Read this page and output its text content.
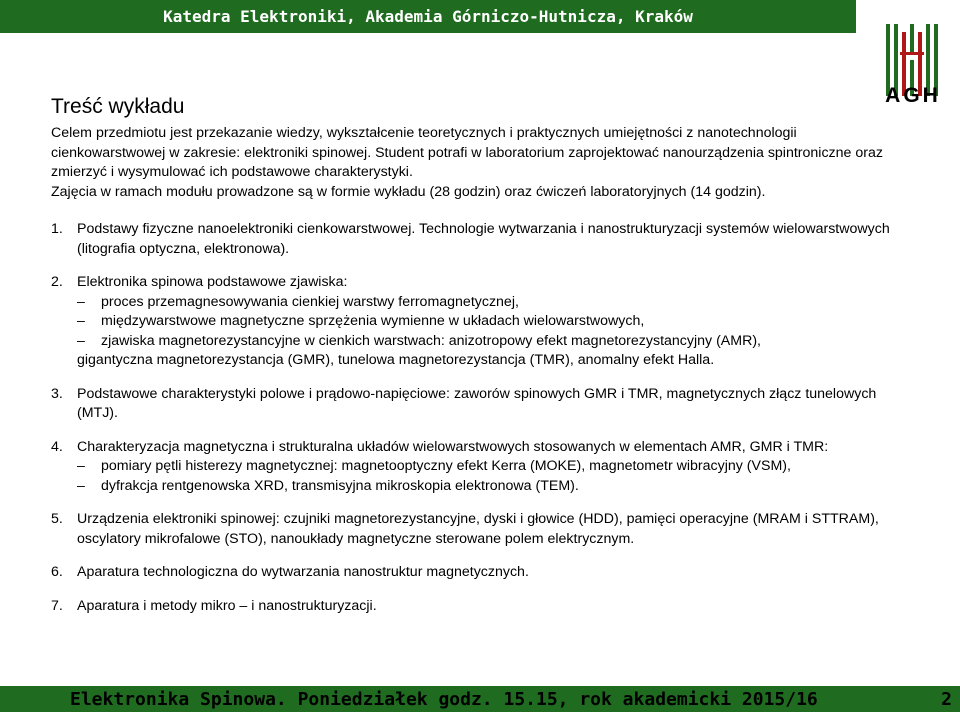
Katedra Elektroniki, Akademia Górniczo-Hutnicza, Kraków
AGH
Treść wykładu

Celem przedmiotu jest przekazanie wiedzy, wykształcenie teoretycznych i praktycznych umiejętności z nanotechnologii cienkowarstwowej w zakresie: elektroniki spinowej. Student potrafi w laboratorium zaprojektować nanourządzenia spintroniczne oraz zmierzyć i wysymulować ich podstawowe charakterystyki.

Zajęcia w ramach modułu prowadzone są w formie wykładu (28 godzin) oraz ćwiczeń laboratoryjnych (14 godzin).

1. Podstawy fizyczne nanoelektroniki cienkowarstwowej. Technologie wytwarzania i nanostrukturyzacji systemów wielowarstwowych (litografia optyczna, elektronowa).
2. Elektronika spinowa podstawowe zjawiska:
–	proces przemagnesowywania cienkiej warstwy ferromagnetycznej,
–	międzywarstwowe magnetyczne sprzężenia wymienne w układach wielowarstwowych,
–	zjawiska magnetorezystancyjne w cienkich warstwach: anizotropowy efekt magnetorezystancyjny (AMR),
gigantyczna magnetorezystancja (GMR), tunelowa magnetorezystancja (TMR), anomalny efekt Halla.
3. Podstawowe charakterystyki polowe i prądowo-napięciowe: zaworów spinowych GMR i TMR, magnetycznych złącz tunelowych (MTJ).
4. Charakteryzacja magnetyczna i strukturalna układów wielowarstwowych stosowanych w elementach AMR, GMR i TMR:
–	pomiary pętli histerezy magnetycznej: magnetooptyczny efekt Kerra (MOKE), magnetometr wibracyjny (VSM),
–	dyfrakcja rentgenowska XRD, transmisyjna mikroskopia elektronowa (TEM).
5. Urządzenia elektroniki spinowej: czujniki magnetorezystancyjne, dyski i głowice (HDD), pamięci operacyjne (MRAM i STTRAM), oscylatory mikrofalowe (STO), nanoukłady magnetyczne sterowane polem elektrycznym.
6. Aparatura technologiczna do wytwarzania nanostruktur magnetycznych.
7. Aparatura i metody mikro – i nanostrukturyzacji.
Elektronika Spinowa. Poniedziałek godz. 15.15, rok akademicki 2015/16	2
